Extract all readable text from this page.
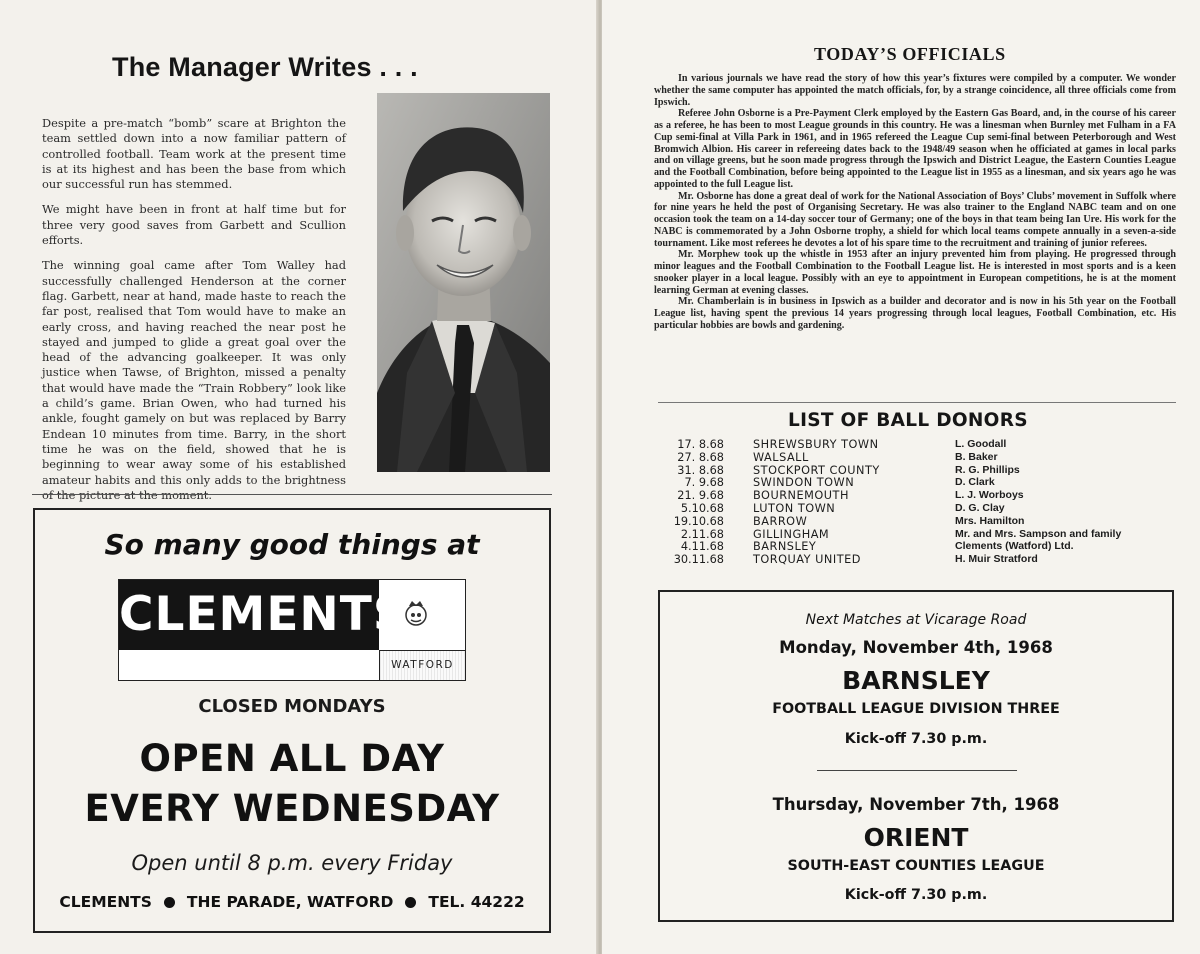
The Manager Writes . . .

Despite a pre-match “bomb” scare at Brighton the team settled down into a now familiar pattern of controlled football. Team work at the present time is at its highest and has been the base from which our successful run has stemmed.

We might have been in front at half time but for three very good saves from Garbett and Scullion efforts.

The winning goal came after Tom Walley had successfully challenged Henderson at the corner flag. Garbett, near at hand, made haste to reach the far post, realised that Tom would have to make an early cross, and having reached the near post he stayed and jumped to glide a great goal over the head of the advancing goalkeeper. It was only justice when Tawse, of Brighton, missed a penalty that would have made the “Train Robbery” look like a child’s game. Brian Owen, who had turned his ankle, fought gamely on but was replaced by Barry Endean 10 minutes from time. Barry, in the short time he was on the field, showed that he is beginning to wear away some of his established amateur habits and this only adds to the brightness

So many good things at
CLEMENTS
WATFORD
CLOSED MONDAYS
OPEN ALL DAY
EVERY WEDNESDAY
Open until 8 p.m. every Friday
CLEMENTS THE PARADE, WATFORD TEL. 44222
TODAY’S OFFICIALS

In various journals we have read the story of how this year’s fixtures were compiled by a computer. We wonder whether the same computer has appointed the match officials, for, by a strange coincidence, all three officials come from Ipswich.

Referee John Osborne is a Pre-Payment Clerk employed by the Eastern Gas Board, and, in the course of his career as a referee, he has been to most League grounds in this country. He was a linesman when Burnley met Fulham in a FA Cup semi-final at Villa Park in 1961, and in 1965 refereed the League Cup semi-final between Peterborough and West Bromwich Albion. His career in refereeing dates back to the 1948/49 season when he officiated at games in local parks and on village greens, but he soon made progress through the Ipswich and District League, the Eastern Counties League and the Football Combination, before being appointed to the League list in 1955 as a linesman, and six years ago he was appointed to the full League list.

Mr. Osborne has done a great deal of work for the National Association of Boys’ Clubs’ movement in Suffolk where for nine years he held the post of Organising Secretary. He was also trainer to the England NABC team and on one occasion took the team on a 14-day soccer tour of Germany; one of the boys in that team being Ian Ure. His work for the NABC is commemorated by a John Osborne trophy, a shield for which local teams compete annually in a seven-a-side tournament. Like most referees he devotes a lot of his spare time to the recruitment and training of junior referees.

Mr. Morphew took up the whistle in 1953 after an injury prevented him from playing. He progressed through minor leagues and the Football Combination to the Football League list. He is interested in most sports and is a keen snooker player in a local league. Possibly with an eye to appointment in European competitions, he is at the moment learning German at evening classes.

Mr. Chamberlain is in business in Ipswich as a builder and decorator and is now in his 5th year on the Football League list, having spent the previous 14 years progressing through local leagues, Football Combination, etc. His particular hobbies are bowls and gardening.

LIST OF BALL DONORS
17. 8.68	SHREWSBURY TOWN	L. Goodall
27. 8.68	WALSALL	B. Baker
31. 8.68	STOCKPORT COUNTY	R. G. Phillips
7. 9.68	SWINDON TOWN	D. Clark
21. 9.68	BOURNEMOUTH	L. J. Worboys
5.10.68	LUTON TOWN	D. G. Clay
19.10.68	BARROW	Mrs. Hamilton
2.11.68	GILLINGHAM	Mr. and Mrs. Sampson and family
4.11.68	BARNSLEY	Clements (Watford) Ltd.
30.11.68	TORQUAY UNITED	H. Muir Stratford
Next Matches at Vicarage Road
Monday, November 4th, 1968
BARNSLEY
FOOTBALL LEAGUE DIVISION THREE
Kick-off 7.30 p.m.
Thursday, November 7th, 1968
ORIENT
SOUTH-EAST COUNTIES LEAGUE
Kick-off 7.30 p.m.
